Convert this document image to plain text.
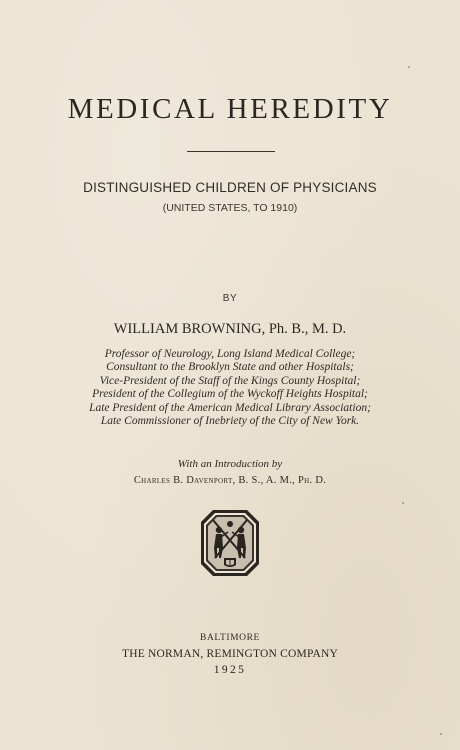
MEDICAL HEREDITY
DISTINGUISHED CHILDREN OF PHYSICIANS
(UNITED STATES, TO 1910)
BY
WILLIAM BROWNING, Ph. B., M. D.
Professor of Neurology, Long Island Medical College;
Consultant to the Brooklyn State and other Hospitals;
Vice-President of the Staff of the Kings County Hospital;
President of the Collegium of the Wyckoff Heights Hospital;
Late President of the American Medical Library Association;
Late Commissioner of Inebriety of the City of New York.
With an Introduction by
Charles B. Davenport, B. S., A. M., Ph. D.
BALTIMORE
THE NORMAN, REMINGTON COMPANY
1925
